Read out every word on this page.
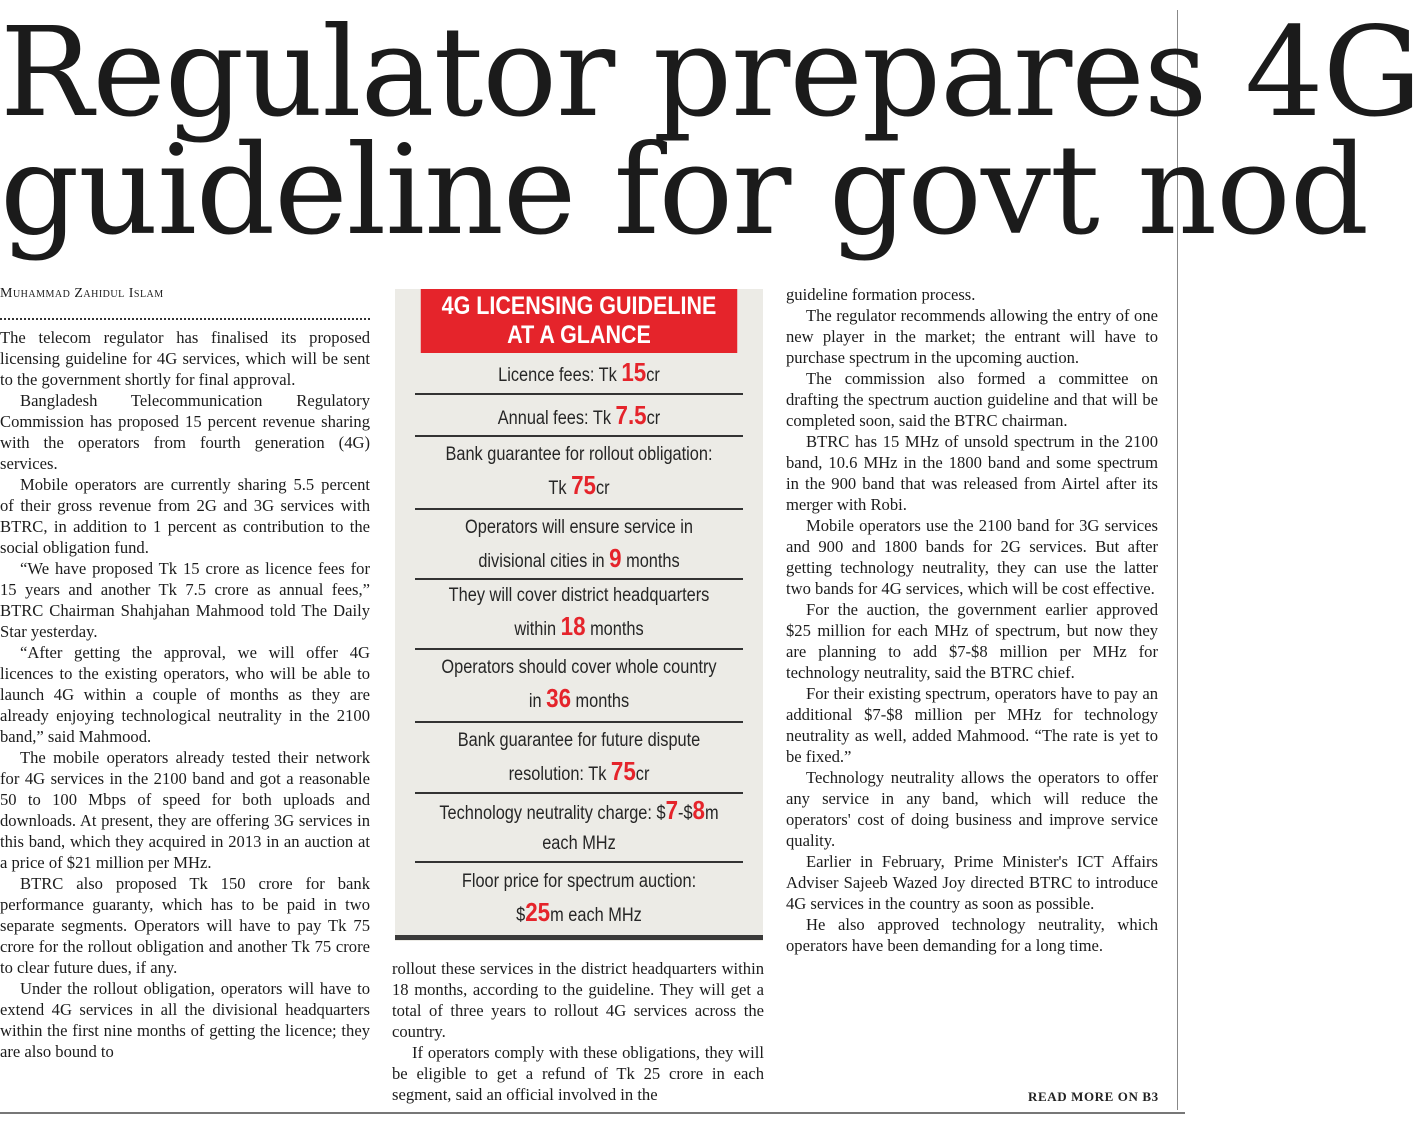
Regulator prepares 4G
guideline for govt nod
Muhammad Zahidul Islam

The telecom regulator has finalised its proposed licensing guideline for 4G services, which will be sent to the government shortly for final approval.

Bangladesh Telecommunication Regulatory Commission has proposed 15 percent revenue sharing with the operators from fourth generation (4G) services.

Mobile operators are currently sharing 5.5 percent of their gross revenue from 2G and 3G services with BTRC, in addition to 1 percent as contribution to the social obligation fund.

“We have proposed Tk 15 crore as licence fees for 15 years and another Tk 7.5 crore as annual fees,” BTRC Chairman Shahjahan Mahmood told The Daily Star yesterday.

“After getting the approval, we will offer 4G licences to the existing operators, who will be able to launch 4G within a couple of months as they are already enjoying technological neutrality in the 2100 band,” said Mahmood.

The mobile operators already tested their network for 4G services in the 2100 band and got a reasonable 50 to 100 Mbps of speed for both uploads and downloads. At present, they are offering 3G services in this band, which they acquired in 2013 in an auction at a price of $21 million per MHz.

BTRC also proposed Tk 150 crore for bank performance guaranty, which has to be paid in two separate segments. Operators will have to pay Tk 75 crore for the rollout obligation and another Tk 75 crore to clear future dues, if any.

Under the rollout obligation, operators will have to extend 4G services in all the divisional headquarters within the first nine months of getting the licence; they are also bound to

4G LICENSING GUIDELINE
AT A GLANCE
Licence fees: Tk 15cr
Annual fees: Tk 7.5cr
Bank guarantee for rollout obligation: Tk 75cr
Operators will ensure service in divisional cities in 9 months
They will cover district headquarters within 18 months
Operators should cover whole country in 36 months
Bank guarantee for future dispute resolution: Tk 75cr
Technology neutrality charge: $7-$8m each MHz
Floor price for spectrum auction: $25m each MHz

rollout these services in the district headquarters within 18 months, according to the guideline. They will get a total of three years to rollout 4G services across the country.

If operators comply with these obligations, they will be eligible to get a refund of Tk 25 crore in each segment, said an official involved in the

guideline formation process.

The regulator recommends allowing the entry of one new player in the market; the entrant will have to purchase spectrum in the upcoming auction.

The commission also formed a committee on drafting the spectrum auction guideline and that will be completed soon, said the BTRC chairman.

BTRC has 15 MHz of unsold spectrum in the 2100 band, 10.6 MHz in the 1800 band and some spectrum in the 900 band that was released from Airtel after its merger with Robi.

Mobile operators use the 2100 band for 3G services and 900 and 1800 bands for 2G services. But after getting technology neutrality, they can use the latter two bands for 4G services, which will be cost effective.

For the auction, the government earlier approved $25 million for each MHz of spectrum, but now they are planning to add $7-$8 million per MHz for technology neutrality, said the BTRC chief.

For their existing spectrum, operators have to pay an additional $7-$8 million per MHz for technology neutrality as well, added Mahmood. “The rate is yet to be fixed.”

Technology neutrality allows the operators to offer any service in any band, which will reduce the operators' cost of doing business and improve service quality.

Earlier in February, Prime Minister's ICT Affairs Adviser Sajeeb Wazed Joy directed BTRC to introduce 4G services in the country as soon as possible.

He also approved technology neutrality, which operators have been demanding for a long time.

READ MORE ON B3
